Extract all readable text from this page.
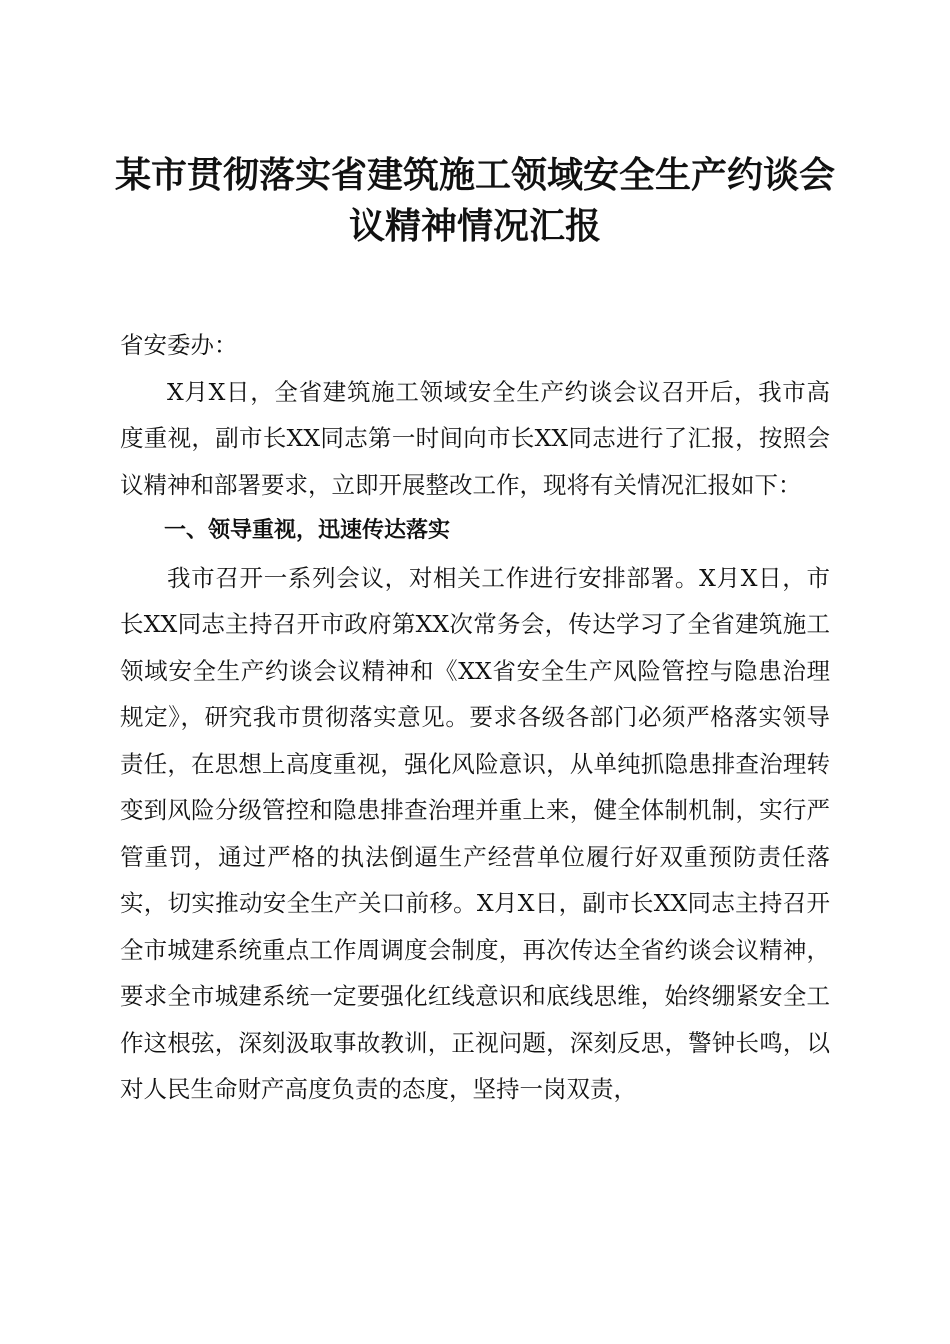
某市贯彻落实省建筑施工领域安全生产约谈会议精神情况汇报

省安委办：

X月X日，全省建筑施工领域安全生产约谈会议召开后，我市高度重视，副市长XX同志第一时间向市长XX同志进行了汇报，按照会议精神和部署要求，立即开展整改工作，现将有关情况汇报如下：

一、领导重视，迅速传达落实

我市召开一系列会议，对相关工作进行安排部署。X月X日，市长XX同志主持召开市政府第XX次常务会，传达学习了全省建筑施工领域安全生产约谈会议精神和《XX省安全生产风险管控与隐患治理规定》，研究我市贯彻落实意见。要求各级各部门必须严格落实领导责任，在思想上高度重视，强化风险意识，从单纯抓隐患排查治理转变到风险分级管控和隐患排查治理并重上来，健全体制机制，实行严管重罚，通过严格的执法倒逼生产经营单位履行好双重预防责任落实，切实推动安全生产关口前移。X月X日，副市长XX同志主持召开全市城建系统重点工作周调度会制度，再次传达全省约谈会议精神，要求全市城建系统一定要强化红线意识和底线思维，始终绷紧安全工作这根弦，深刻汲取事故教训，正视问题，深刻反思，警钟长鸣，以对人民生命财产高度负责的态度，坚持一岗双责，
